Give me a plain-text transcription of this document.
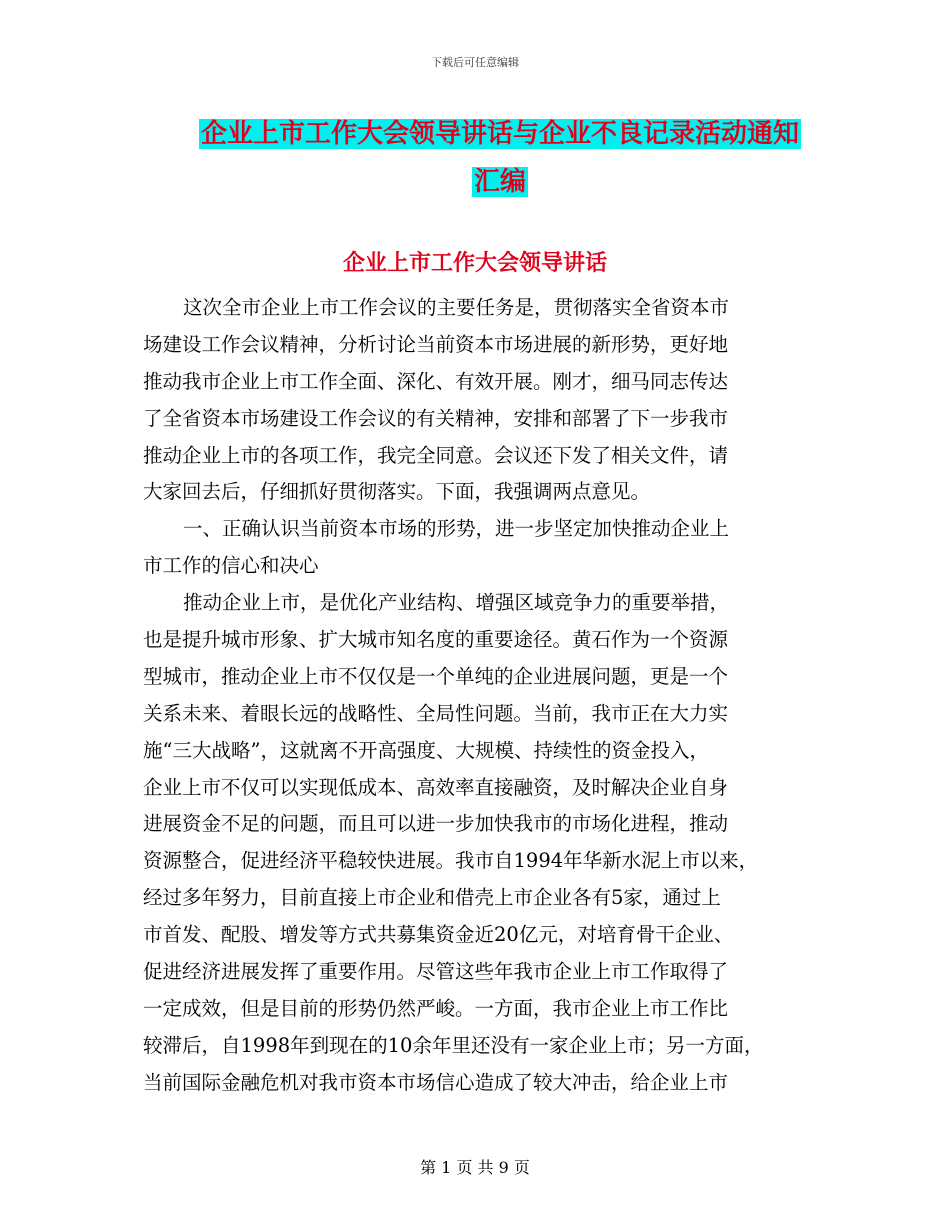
下载后可任意编辑
企业上市工作大会领导讲话与企业不良记录活动通知
汇编
企业上市工作大会领导讲话
这次全市企业上市工作会议的主要任务是，贯彻落实全省资本市
场建设工作会议精神，分析讨论当前资本市场进展的新形势，更好地
推动我市企业上市工作全面、深化、有效开展。刚才，细马同志传达
了全省资本市场建设工作会议的有关精神，安排和部署了下一步我市
推动企业上市的各项工作，我完全同意。会议还下发了相关文件，请
大家回去后，仔细抓好贯彻落实。下面，我强调两点意见。
一、正确认识当前资本市场的形势，进一步坚定加快推动企业上
市工作的信心和决心
推动企业上市，是优化产业结构、增强区域竞争力的重要举措，
也是提升城市形象、扩大城市知名度的重要途径。黄石作为一个资源
型城市，推动企业上市不仅仅是一个单纯的企业进展问题，更是一个
关系未来、着眼长远的战略性、全局性问题。当前，我市正在大力实
施“三大战略”，这就离不开高强度、大规模、持续性的资金投入，
企业上市不仅可以实现低成本、高效率直接融资，及时解决企业自身
进展资金不足的问题，而且可以进一步加快我市的市场化进程，推动
资源整合，促进经济平稳较快进展。我市自1994年华新水泥上市以来，
经过多年努力，目前直接上市企业和借壳上市企业各有5家，通过上
市首发、配股、增发等方式共募集资金近20亿元，对培育骨干企业、
促进经济进展发挥了重要作用。尽管这些年我市企业上市工作取得了
一定成效，但是目前的形势仍然严峻。一方面，我市企业上市工作比
较滞后，自1998年到现在的10余年里还没有一家企业上市；另一方面，
当前国际金融危机对我市资本市场信心造成了较大冲击，给企业上市
第 1 页 共 9 页
